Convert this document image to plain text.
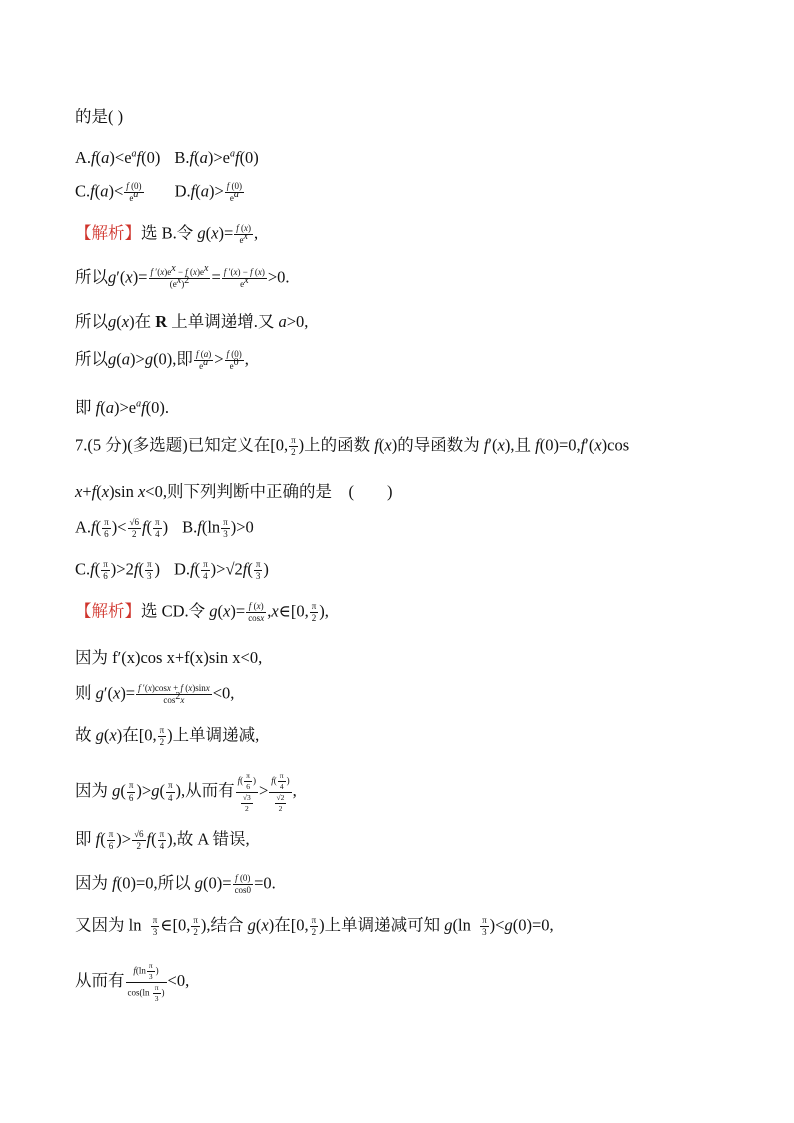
的是( )
$A.f(a)<e^af(0)$ $B.f(a)>e^af(0)$
$C.f(a)< \frac{f (0)}{ea} D.f(a)> \frac{f (0)}{ea}$
【解析】选 B.令 $g(x)= \frac{f (x)}{ex}$ ,
所以$g'(x)= \frac{f '(x)ex - f (x)ex}{(ex)2} = \frac{f '(x) - f (x)}{ex} >0$.
所以g(x)在 R 上单调递增.又 a>0,
所以g(a)>g(0),即 $\frac{f (a)}{ea} > \frac{f (0)}{e0}$ ,
即 $f(a)>e^af(0)$.
7.(5 分)(多选题)已知定义在[0, $\frac{\pi}{2}$ )上的函数 f(x)的导函数为 f′(x),且 f(0)=0,f′(x)cos
x+f(x)sin x<0,则下列判断中正确的是    (        )
$A.f( \frac{\pi}{6}$ )< $\frac{√6}{2} f( \frac{\pi}{4}$ ) $B.f(\ln \frac{\pi}{3} )>0$
$C.f( \frac{\pi}{6} )>2f( \frac{\pi}{3}$ ) $D.f( \frac{\pi}{4} )>√2f( \frac{\pi}{3}$ )
【解析】选 CD.令 $g(x)= \frac{f (x)}{\cos x}$ ,x∈[0, $\frac{\pi}{2}$ ),
因为 f′(x)cos x+f(x)sin x<0,
则 $g'(x)= \frac{f '(x)\cos x + f (x)\sin x}{\cos 2x} <0$,
故 g(x)在[0, $\frac{\pi}{2}$ )上单调递减,
因为 $g( \frac{\pi}{6} )>g( \frac{\pi}{4}$ ),从而有 $\frac{f( \frac{\pi}{6} )}{\frac{√3}{2}} > \frac{f( \frac{\pi}{4} )}{\frac{√2}{2}}$ ,
即 $f( \frac{\pi}{6}$ )> $\frac{√6}{2} f( \frac{\pi}{4}$ ),故 A 错误,
因为 f(0)=0,所以 $g(0)= \frac{f (0)}{\cos 0} =0$.
又因为 $\ln \frac{\pi}{3}$ ∈[0, $\frac{\pi}{2}$ ),结合 g(x)在[0, $\frac{\pi}{2}$ )上单调递减可知 $g(\ln \frac{\pi}{3} )<g(0)=0$,
从而有 $\frac{f(\ln \frac{\pi}{3} )}{\cos(\ln \frac{\pi}{3} )} <0$,
